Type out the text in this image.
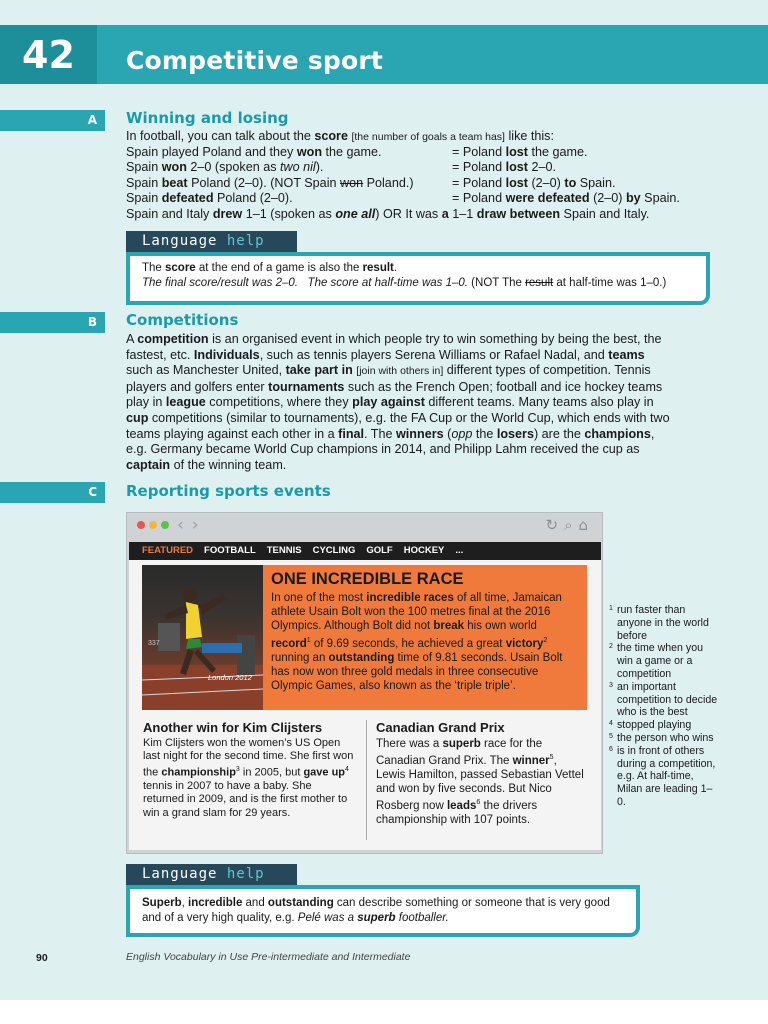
42	Competitive sport
A	Winning and losing
In football, you can talk about the score [the number of goals a team has] like this:
Spain played Poland and they won the game.	= Poland lost the game.
Spain won 2–0 (spoken as two nil).	= Poland lost 2–0.
Spain beat Poland (2–0). (NOT Spain won Poland.)	= Poland lost (2–0) to Spain.
Spain defeated Poland (2–0).	= Poland were defeated (2–0) by Spain.
Spain and Italy drew 1–1 (spoken as one all) OR It was a 1–1 draw between Spain and Italy.
Language help
The score at the end of a game is also the result.
The final score/result was 2–0.   The score at half-time was 1–0. (NOT The result at half-time was 1–0.)
B	Competitions
A competition is an organised event in which people try to win something by being the best, the fastest, etc. Individuals, such as tennis players Serena Williams or Rafael Nadal, and teams such as Manchester United, take part in [join with others in] different types of competition. Tennis players and golfers enter tournaments such as the French Open; football and ice hockey teams play in league competitions, where they play against different teams. Many teams also play in cup competitions (similar to tournaments), e.g. the FA Cup or the World Cup, which ends with two teams playing against each other in a final. The winners (opp the losers) are the champions, e.g. Germany became World Cup champions in 2014, and Philipp Lahm received the cup as captain of the winning team.
C	Reporting sports events
‹›	↻⌕⌂
FEATURED FOOTBALL TENNIS CYCLING GOLF HOCKEY ...
337
London 2012
ONE INCREDIBLE RACE

In one of the most incredible races of all time, Jamaican athlete Usain Bolt won the 100 metres final at the 2016 Olympics. Although Bolt did not break his own world record$^1$ of 9.69 seconds, he achieved a great victory$^2$ running an outstanding time of 9.81 seconds. Usain Bolt has now won three gold medals in three consecutive Olympic Games, also known as the ‘triple triple’.

Another win for Kim Clijsters

Kim Clijsters won the women’s US Open last night for the second time. She first won the championship$^3$ in 2005, but gave $up^4$ tennis in 2007 to have a baby. She returned in 2009, and is the first mother to win a grand slam for 29 years.

Canadian Grand Prix

There was a superb race for the Canadian Grand Prix. The winner$^5$, Lewis Hamilton, passed Sebastian Vettel and won by five seconds. But Nico Rosberg now leads$^6$ the drivers championship with 107 points.

1 run faster than anyone in the world before
2 the time when you win a game or a competition
3 an important competition to decide who is the best
4 stopped playing
5 the person who wins
6 is in front of others during a competition, e.g. At half-time, Milan are leading 1–0.
Language help
Superb, incredible and outstanding can describe something or someone that is very good and of a very high quality, e.g. Pelé was a superb footballer.
90	English Vocabulary in Use Pre-intermediate and Intermediate
